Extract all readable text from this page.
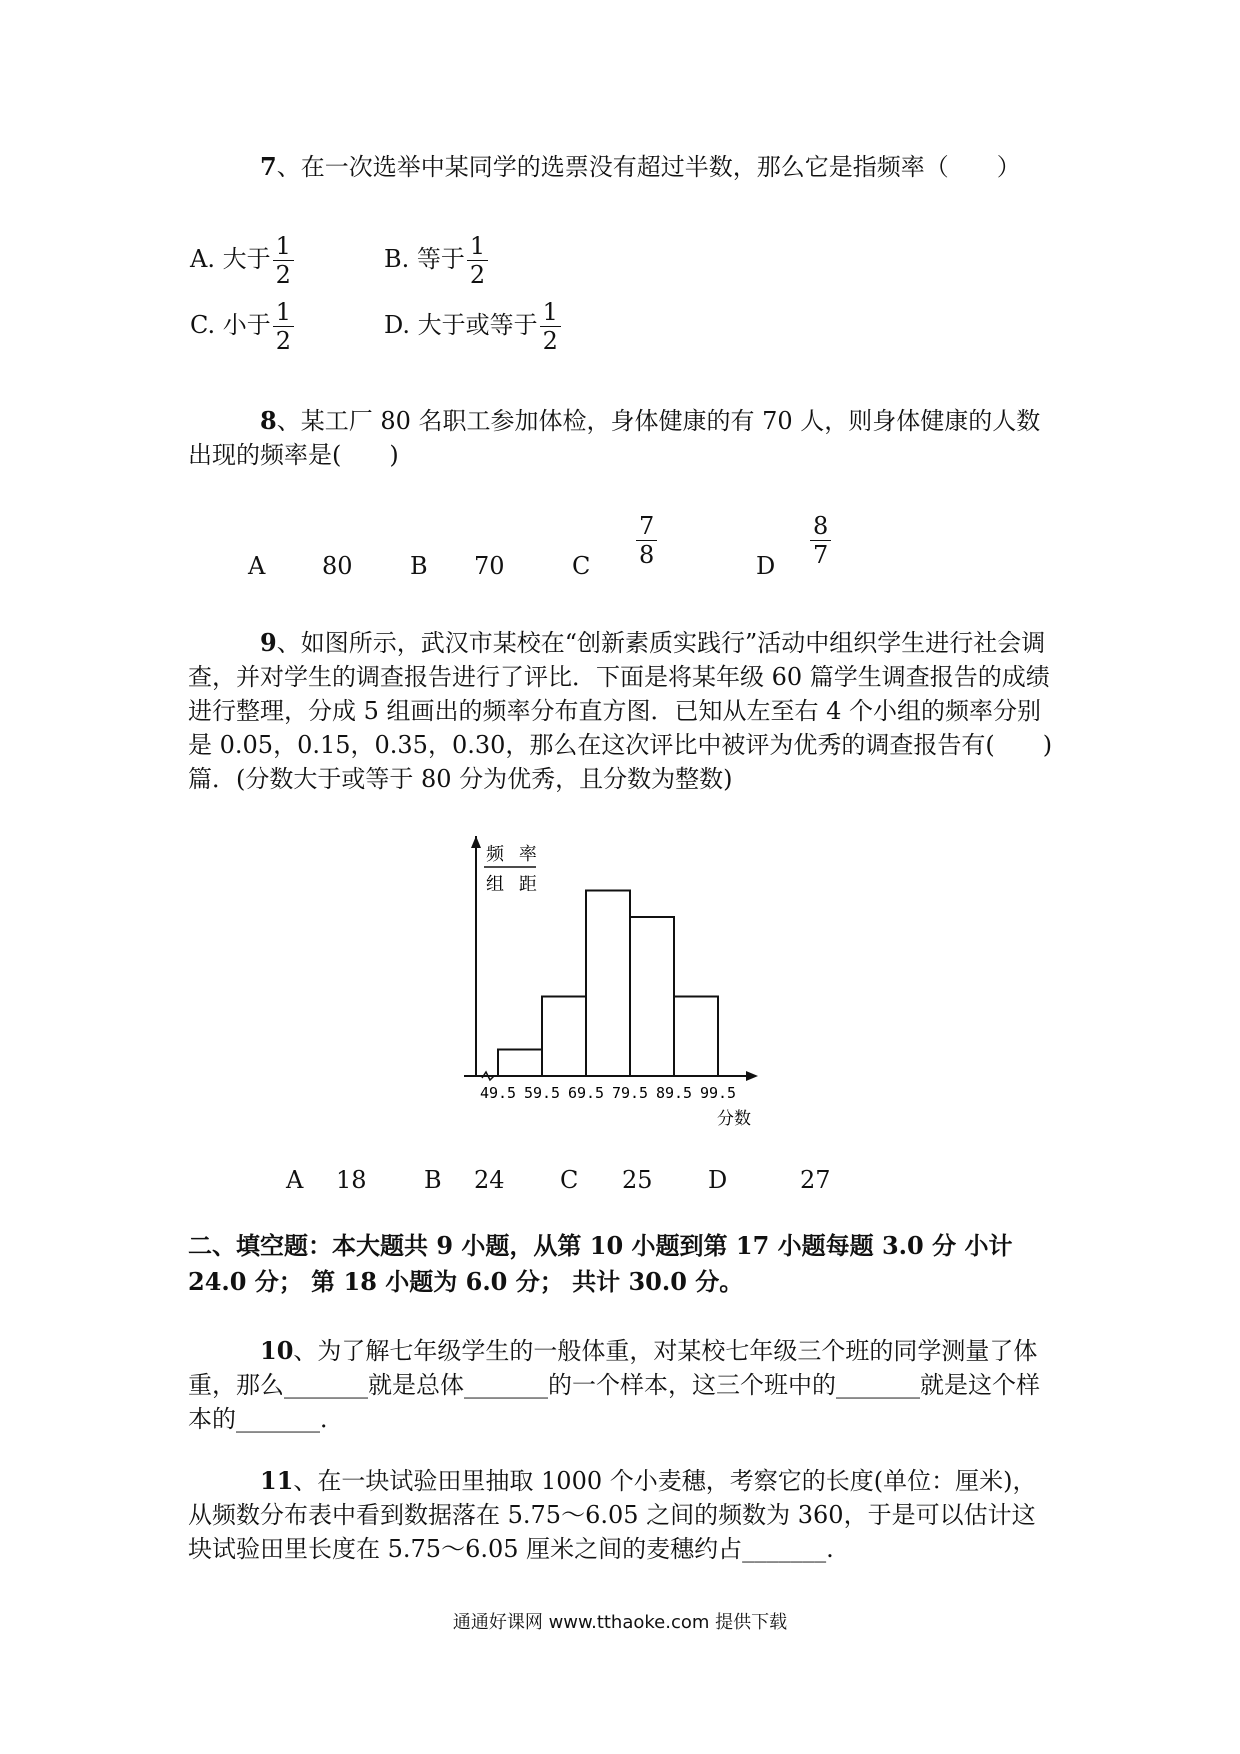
7、在一次选举中某同学的选票没有超过半数，那么它是指频率（　　）
A. 大于 $\frac{1}{2}$	B. 等于 $\frac{1}{2}$
C. 小于 $\frac{1}{2}$	D. 大于或等于 $\frac{1}{2}$
8、某工厂 80 名职工参加体检，身体健康的有 70 人，则身体健康的人数出现的频率是(　　)
A 80 B 70	C $\frac{7}{8}$	D $\frac{8}{7}$
9、如图所示，武汉市某校在“创新素质实践行”活动中组织学生进行社会调查，并对学生的调查报告进行了评比．下面是将某年级 60 篇学生调查报告的成绩进行整理，分成 5 组画出的频率分布直方图．已知从左至右 4 个小组的频率分别是 0.05，0.15，0.35，0.30，那么在这次评比中被评为优秀的调查报告有(　　)篇．(分数大于或等于 80 分为优秀，且分数为整数)
频 率
组 距
49.5 59.5 69.5 79.5 89.5 99.5
分数
A 18 B 24 C 25 D	27
二、填空题：本大题共 9 小题，从第 10 小题到第 17 小题每题 3.0 分 小计 24.0 分； 第 18 小题为 6.0 分； 共计 30.0 分。
10、为了解七年级学生的一般体重，对某校七年级三个班的同学测量了体重，那么_______就是总体_______的一个样本，这三个班中的_______就是这个样本的_______．
11、在一块试验田里抽取 1000 个小麦穗，考察它的长度(单位：厘米)，从频数分布表中看到数据落在 5.75～6.05 之间的频数为 360，于是可以估计这块试验田里长度在 5.75～6.05 厘米之间的麦穗约占_______.
通通好课网 www.tthaoke.com 提供下载
